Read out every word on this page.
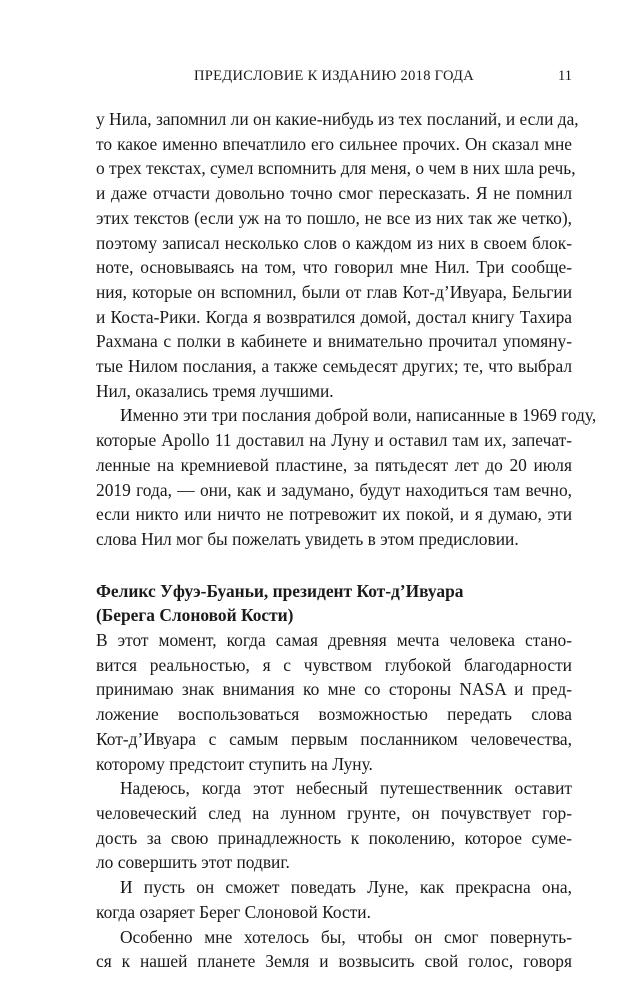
ПРЕДИСЛОВИЕ К ИЗДАНИЮ 2018 ГОДА	11

у Нила, запомнил ли он какие-нибудь из тех посланий, и если да,
то какое именно впечатлило его сильнее прочих. Он сказал мне
о трех текстах, сумел вспомнить для меня, о чем в них шла речь,
и даже отчасти довольно точно смог пересказать. Я не помнил
этих текстов (если уж на то пошло, не все из них так же четко),
поэтому записал несколько слов о каждом из них в своем блок-
ноте, основываясь на том, что говорил мне Нил. Три сообще-
ния, которые он вспомнил, были от глав Кот-д’Ивуара, Бельгии
и Коста-Рики. Когда я возвратился домой, достал книгу Тахира
Рахмана с полки в кабинете и внимательно прочитал упомяну-
тые Нилом послания, а также семьдесят других; те, что выбрал
Нил, оказались тремя лучшими.

Именно эти три послания доброй воли, написанные в 1969 году,
которые Apollo 11 доставил на Луну и оставил там их, запечат-
ленные на кремниевой пластине, за пятьдесят лет до 20 июля
2019 года, — они, как и задумано, будут находиться там вечно,
если никто или ничто не потревожит их покой, и я думаю, эти
слова Нил мог бы пожелать увидеть в этом предисловии.

Феликс Уфуэ-Буаньи, президент Кот-д’Ивуара
(Берега Слоновой Кости)

В этот момент, когда самая древняя мечта человека стано-
вится реальностью, я с чувством глубокой благодарности
принимаю знак внимания ко мне со стороны NASA и пред-
ложение воспользоваться возможностью передать слова
Кот-д’Ивуара с самым первым посланником человечества,
которому предстоит ступить на Луну.

Надеюсь, когда этот небесный путешественник оставит
человеческий след на лунном грунте, он почувствует гор-
дость за свою принадлежность к поколению, которое суме-
ло совершить этот подвиг.

И пусть он сможет поведать Луне, как прекрасна она,
когда озаряет Берег Слоновой Кости.

Особенно мне хотелось бы, чтобы он смог повернуть-
ся к нашей планете Земля и возвысить свой голос, говоря
